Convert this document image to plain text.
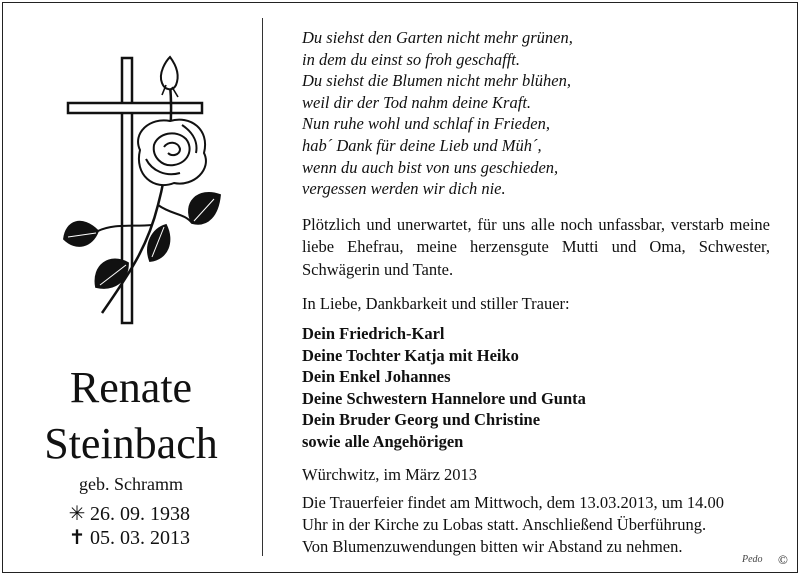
Renate
Steinbach
geb. Schramm
✳ 26. 09. 1938
✝ 05. 03. 2013
Du siehst den Garten nicht mehr grünen,
in dem du einst so froh geschafft.
Du siehst die Blumen nicht mehr blühen,
weil dir der Tod nahm deine Kraft.
Nun ruhe wohl und schlaf in Frieden,
hab´ Dank für deine Lieb und Müh´,
wenn du auch bist von uns geschieden,
vergessen werden wir dich nie.
Plötzlich und unerwartet, für uns alle noch unfassbar, verstarb meine liebe Ehefrau, meine herzensgute Mutti und Oma, Schwester, Schwägerin und Tante.
In Liebe, Dankbarkeit und stiller Trauer:
Dein Friedrich-Karl
Deine Tochter Katja mit Heiko
Dein Enkel Johannes
Deine Schwestern Hannelore und Gunta
Dein Bruder Georg und Christine
sowie alle Angehörigen
Würchwitz, im März 2013
Die Trauerfeier findet am Mittwoch, dem 13.03.2013, um 14.00
Uhr in der Kirche zu Lobas statt. Anschließend Überführung.
Von Blumenzuwendungen bitten wir Abstand zu nehmen.
Pedo ©
